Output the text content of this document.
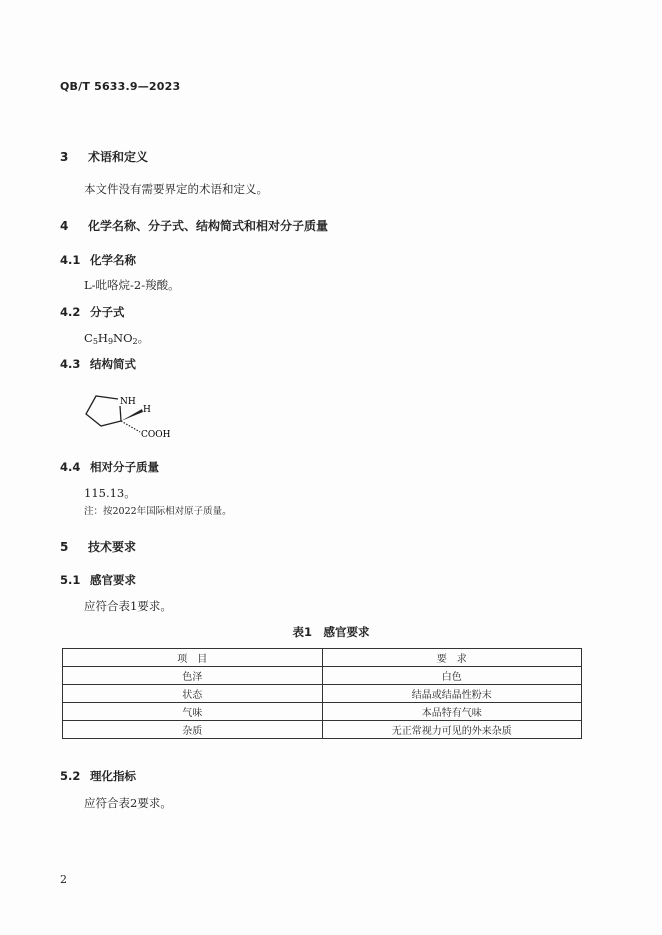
QB/T 5633.9—2023
3 术语和定义
本文件没有需要界定的术语和定义。
4 化学名称、分子式、结构简式和相对分子质量
4.1 化学名称
L-吡咯烷-2-羧酸。
4.2 分子式
$C_5H_9NO_2$。
4.3 结构简式
NH
H
COOH
4.4 相对分子质量
115.13。
注：按2022年国际相对原子质量。
5 技术要求
5.1 感官要求
应符合表1要求。
表1　感官要求
项　目	要　求
色泽	白色
状态	结晶或结晶性粉末
气味	本品特有气味
杂质	无正常视力可见的外来杂质
5.2 理化指标
应符合表2要求。
2
